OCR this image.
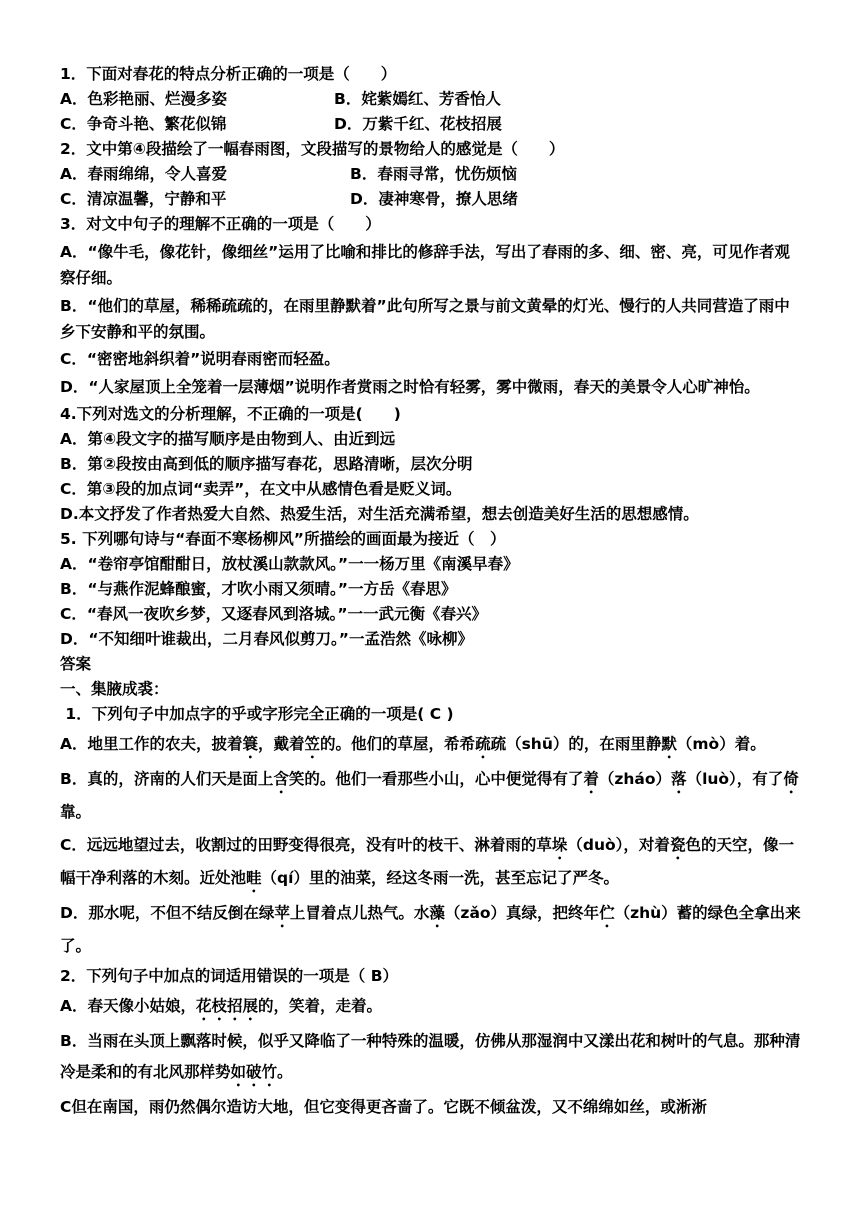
1．下面对春花的特点分析正确的一项是（　　）
A．色彩艳丽、烂漫多姿	B．姹紫嫣红、芳香怡人
C．争奇斗艳、繁花似锦	D．万紫千红、花枝招展
2．文中第④段描绘了一幅春雨图，文段描写的景物给人的感觉是（　　）
A．春雨绵绵，令人喜爱	B．春雨寻常，忧伤烦恼
C．清凉温馨，宁静和平	D．凄神寒骨，撩人思绪
3．对文中句子的理解不正确的一项是（　　）
A．“像牛毛，像花针，像细丝”运用了比喻和排比的修辞手法，写出了春雨的多、细、密、亮，可见作者观察仔细。
B．“他们的草屋，稀稀疏疏的，在雨里静默着”此句所写之景与前文黄晕的灯光、慢行的人共同营造了雨中乡下安静和平的氛围。
C．“密密地斜织着”说明春雨密而轻盈。
D．“人家屋顶上全笼着一层薄烟”说明作者赏雨之时恰有轻雾，雾中微雨，春天的美景令人心旷神怡。
4.下列对选文的分析理解，不正确的一项是(　　)
A．第④段文字的描写顺序是由物到人、由近到远
B．第②段按由高到低的顺序描写春花，思路清晰，层次分明
C．第③段的加点词“卖弄”，在文中从感情色看是贬义词。
D.本文抒发了作者热爱大自然、热爱生活，对生活充满希望，想去创造美好生活的思想感情。
5. 下列哪句诗与“春面不寒杨柳风”所描绘的画面最为接近（　）
A．“卷帘亭馆酣酣日，放杖溪山款款风。”一一杨万里《南溪早春》
B．“与燕作泥蜂酿蜜，才吹小雨又须晴。”一方岳《春思》
C．“春风一夜吹乡梦，又逐春风到洛城。”一一武元衡《春兴》
D．“不知细叶谁裁出，二月春风似剪刀。”一孟浩然《咏柳》
答案
一、集腋成裘：
1．下列句子中加点字的乎或字形完全正确的一项是( C )
A．地里工作的农夫，披着簑，戴着笠的。他们的草屋，希希疏疏（shū）的，在雨里静默（mò）着。
B．真的，济南的人们天是面上含笑的。他们一看那些小山，心中便觉得有了着（zháo）落（luò），有了倚靠。
C．远远地望过去，收割过的田野变得很亮，没有叶的枝干、淋着雨的草垛（duò），对着瓷色的天空，像一幅干净利落的木刻。近处池畦（qí）里的油菜，经这冬雨一洗，甚至忘记了严冬。
D．那水呢，不但不结反倒在绿苹上冒着点儿热气。水藻（zǎo）真绿，把终年伫（zhù）蓄的绿色全拿出来了。
2．下列句子中加点的词适用错误的一项是（ B）
A．春天像小姑娘，花枝招展的，笑着，走着。
B．当雨在头顶上飘落时候，似乎又降临了一种特殊的温暖，仿佛从那湿润中又漾出花和树叶的气息。那种清冷是柔和的有北风那样势如破竹。
C但在南国，雨仍然偶尔造访大地，但它变得更吝啬了。它既不倾盆泼，又不绵绵如丝，或淅淅
